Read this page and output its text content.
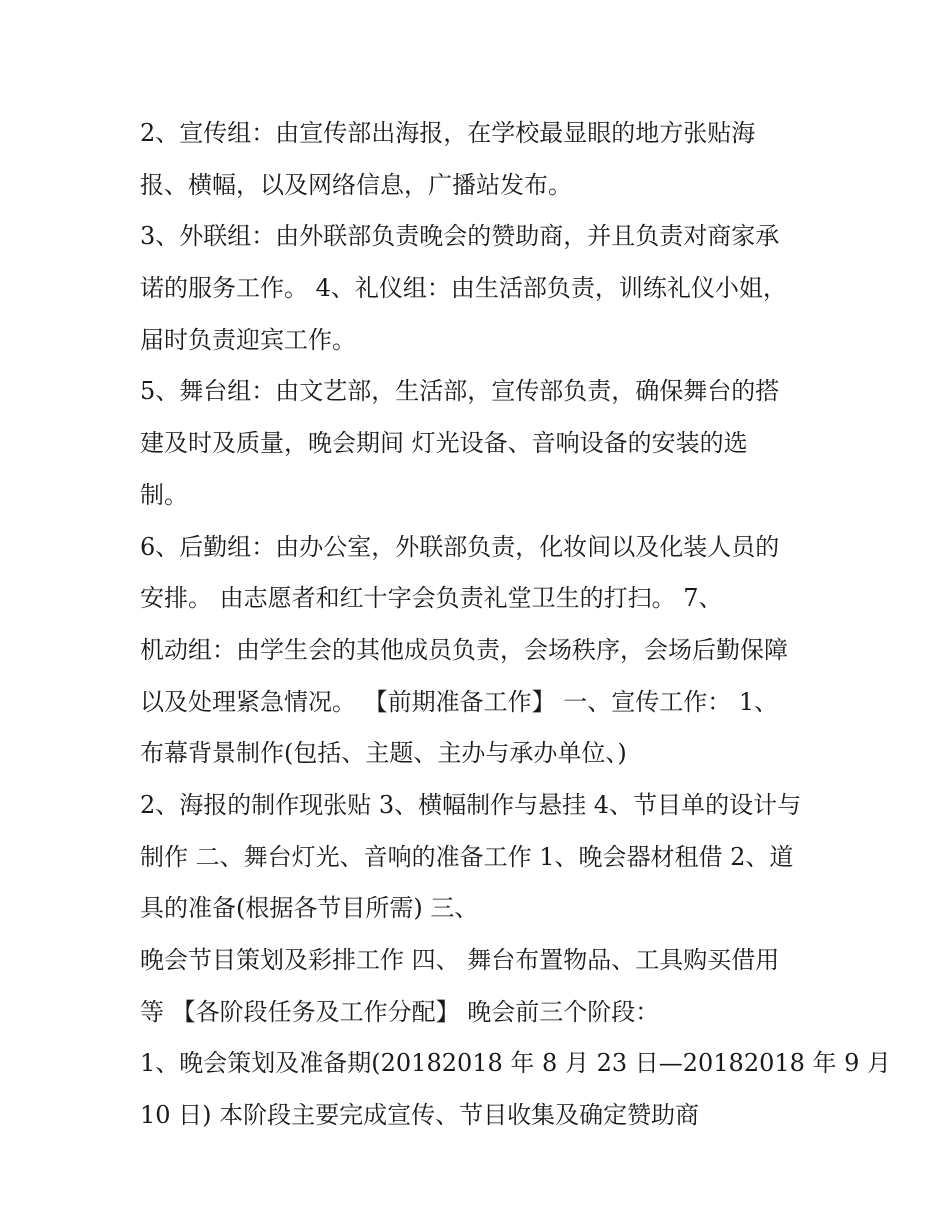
2、宣传组：由宣传部出海报，在学校最显眼的地方张贴海
报、横幅，以及网络信息，广播站发布。
3、外联组：由外联部负责晚会的赞助商，并且负责对商家承
诺的服务工作。 4、礼仪组：由生活部负责，训练礼仪小姐，
届时负责迎宾工作。
5、舞台组：由文艺部，生活部，宣传部负责，确保舞台的搭
建及时及质量，晚会期间 灯光设备、音响设备的安装的选
制。
6、后勤组：由办公室，外联部负责，化妆间以及化装人员的
安排。 由志愿者和红十字会负责礼堂卫生的打扫。 7、
机动组：由学生会的其他成员负责，会场秩序，会场后勤保障
以及处理紧急情况。 【前期准备工作】 一、宣传工作： 1、
布幕背景制作(包括、主题、主办与承办单位、)
2、海报的制作现张贴 3、横幅制作与悬挂 4、节目单的设计与
制作 二、舞台灯光、音响的准备工作 1、晚会器材租借 2、道
具的准备(根据各节目所需) 三、
晚会节目策划及彩排工作 四、 舞台布置物品、工具购买借用
等 【各阶段任务及工作分配】 晚会前三个阶段：
1、晚会策划及准备期(20182018 年 8 月 23 日—20182018 年 9 月
10 日) 本阶段主要完成宣传、节目收集及确定赞助商
